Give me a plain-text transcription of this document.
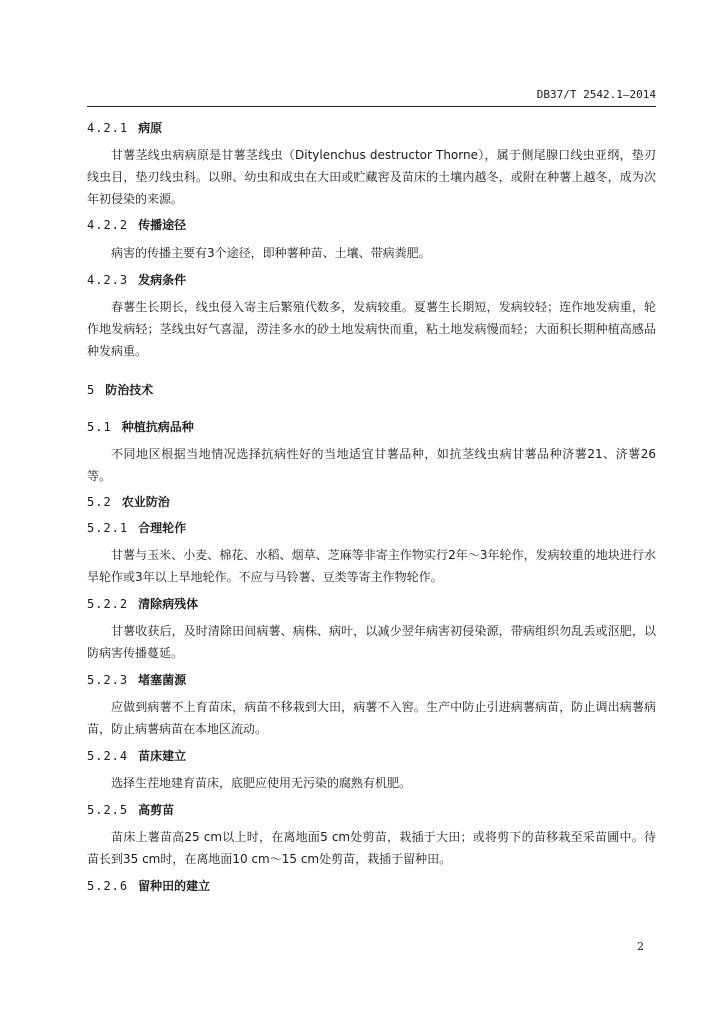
DB37/T 2542.1—2014
4.2.1 病原

甘薯茎线虫病病原是甘薯茎线虫（Ditylenchus destructor Thorne），属于侧尾腺口线虫亚纲，垫刃线虫目，垫刃线虫科。以卵、幼虫和成虫在大田或贮藏窖及苗床的土壤内越冬，或附在种薯上越冬，成为次年初侵染的来源。

4.2.2 传播途径

病害的传播主要有3个途径，即种薯种苗、土壤、带病粪肥。

4.2.3 发病条件

春薯生长期长，线虫侵入寄主后繁殖代数多，发病较重。夏薯生长期短，发病较轻；连作地发病重，轮作地发病轻；茎线虫好气喜湿，涝洼多水的砂土地发病快而重，粘土地发病慢而轻；大面积长期种植高感品种发病重。

5 防治技术
5.1 种植抗病品种

不同地区根据当地情况选择抗病性好的当地适宜甘薯品种，如抗茎线虫病甘薯品种济薯21、济薯26等。

5.2 农业防治
5.2.1 合理轮作

甘薯与玉米、小麦、棉花、水稻、烟草、芝麻等非寄主作物实行2年～3年轮作，发病较重的地块进行水旱轮作或3年以上旱地轮作。不应与马铃薯、豆类等寄主作物轮作。

5.2.2 清除病残体

甘薯收获后，及时清除田间病薯、病株、病叶，以减少翌年病害初侵染源，带病组织勿乱丢或沤肥，以防病害传播蔓延。

5.2.3 堵塞菌源

应做到病薯不上育苗床，病苗不移栽到大田，病薯不入窖。生产中防止引进病薯病苗，防止调出病薯病苗，防止病薯病苗在本地区流动。

5.2.4 苗床建立

选择生茬地建育苗床，底肥应使用无污染的腐熟有机肥。

5.2.5 高剪苗

苗床上薯苗高25 cm以上时，在离地面5 cm处剪苗，栽插于大田；或将剪下的苗移栽至采苗圃中。待苗长到35 cm时，在离地面10 cm～15 cm处剪苗，栽插于留种田。

5.2.6 留种田的建立
2
